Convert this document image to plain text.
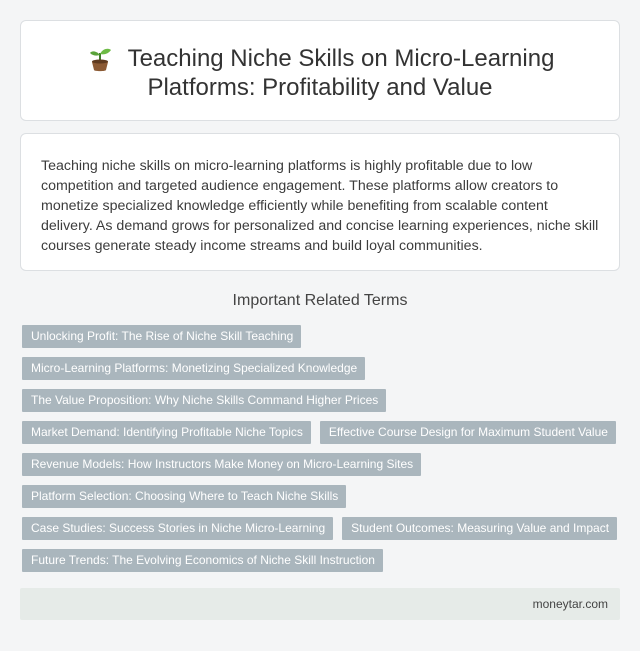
Teaching Niche Skills on Micro-Learning
Platforms: Profitability and Value

Teaching niche skills on micro-learning platforms is highly profitable due to low competition and targeted audience engagement. These platforms allow creators to monetize specialized knowledge efficiently while benefiting from scalable content delivery. As demand grows for personalized and concise learning experiences, niche skill courses generate steady income streams and build loyal communities.

Important Related Terms
Unlocking Profit: The Rise of Niche Skill Teaching
Micro-Learning Platforms: Monetizing Specialized Knowledge
The Value Proposition: Why Niche Skills Command Higher Prices
Market Demand: Identifying Profitable Niche Topics	Effective Course Design for Maximum Student Value
Revenue Models: How Instructors Make Money on Micro-Learning Sites
Platform Selection: Choosing Where to Teach Niche Skills
Case Studies: Success Stories in Niche Micro-Learning	Student Outcomes: Measuring Value and Impact
Future Trends: The Evolving Economics of Niche Skill Instruction
moneytar.com
